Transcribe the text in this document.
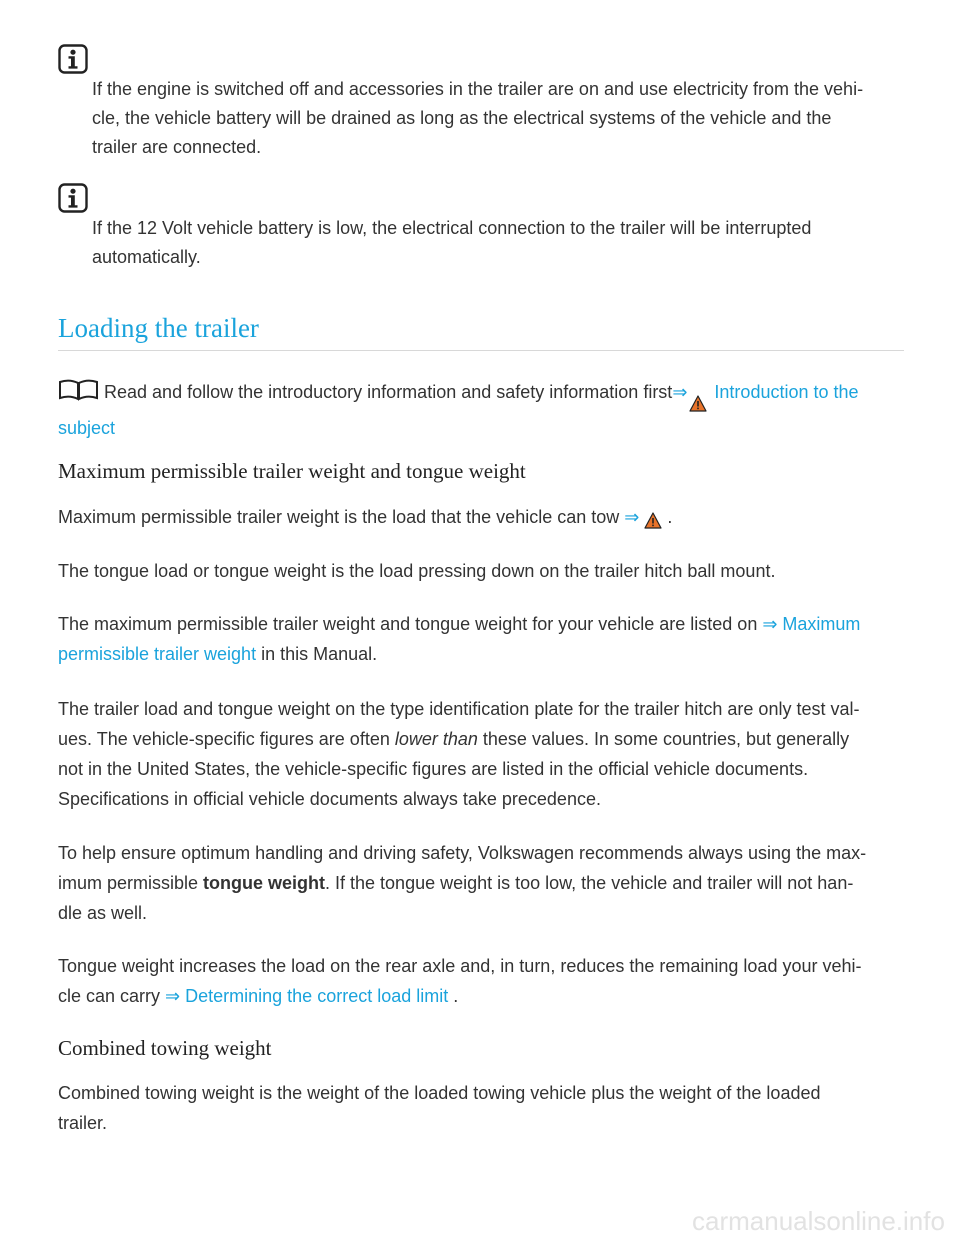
If the engine is switched off and accessories in the trailer are on and use electricity from the vehi-
cle, the vehicle battery will be drained as long as the electrical systems of the vehicle and the
trailer are connected.
If the 12 Volt vehicle battery is low, the electrical connection to the trailer will be interrupted
automatically.
Loading the trailer
Read and follow the introductory information and safety information first⇒ Introduction to the
subject
Maximum permissible trailer weight and tongue weight

Maximum permissible trailer weight is the load that the vehicle can tow ⇒ .

The tongue load or tongue weight is the load pressing down on the trailer hitch ball mount.

The maximum permissible trailer weight and tongue weight for your vehicle are listed on ⇒ Maximum
permissible trailer weight in this Manual.
The trailer load and tongue weight on the type identification plate for the trailer hitch are only test val-
ues. The vehicle-specific figures are often lower than these values. In some countries, but generally
not in the United States, the vehicle-specific figures are listed in the official vehicle documents.
Specifications in official vehicle documents always take precedence.
To help ensure optimum handling and driving safety, Volkswagen recommends always using the max-
imum permissible tongue weight. If the tongue weight is too low, the vehicle and trailer will not han-
dle as well.
Tongue weight increases the load on the rear axle and, in turn, reduces the remaining load your vehi-
cle can carry ⇒ Determining the correct load limit .
Combined towing weight
Combined towing weight is the weight of the loaded towing vehicle plus the weight of the loaded
trailer.
carmanualsonline.info
